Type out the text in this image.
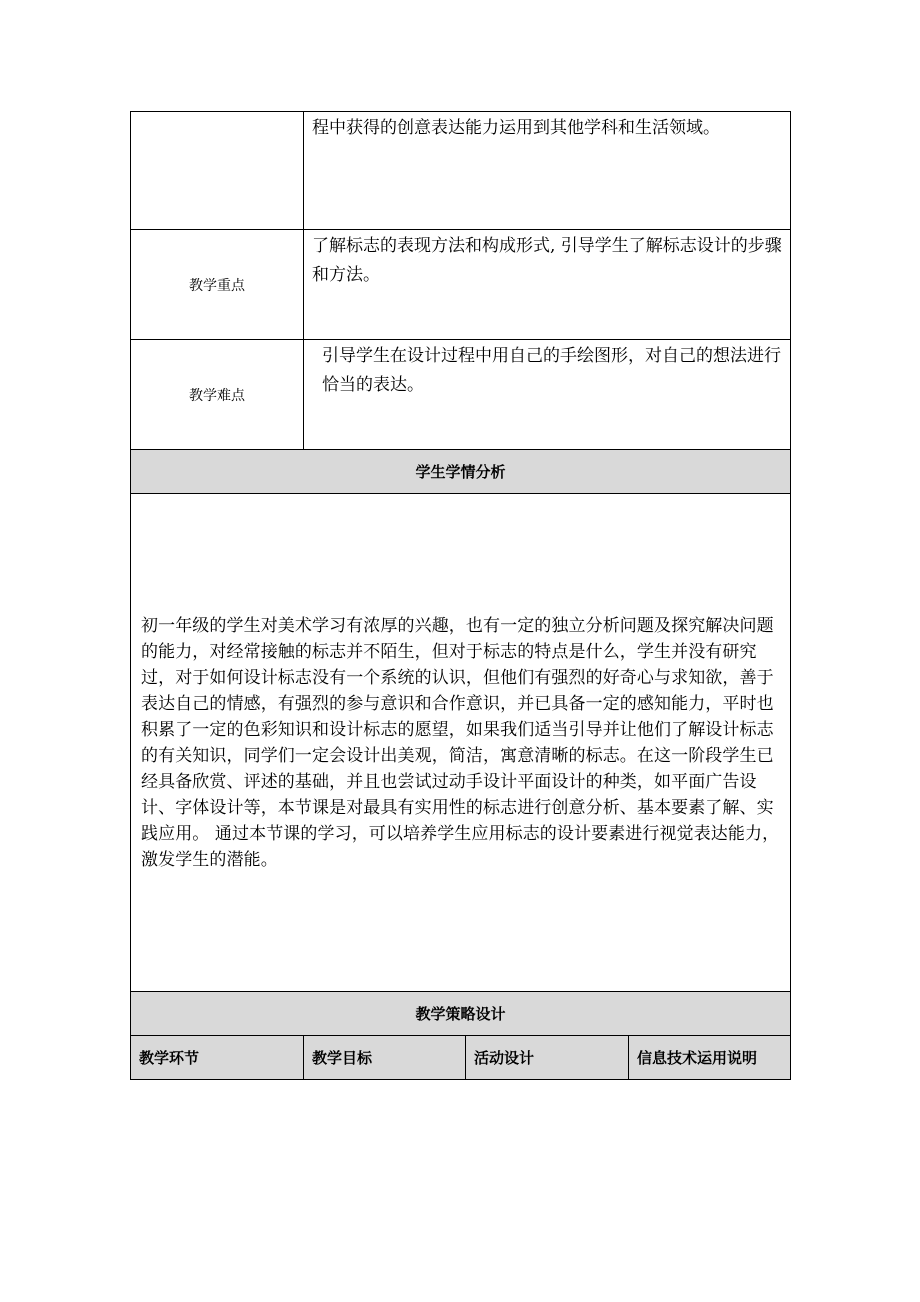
	程中获得的创意表达能力运用到其他学科和生活领域。		
教学重点	了解标志的表现方法和构成形式, 引导学生了解标志设计的步骤和方法。		
教学难点	引导学生在设计过程中用自己的手绘图形，对自己的想法进行恰当的表达。		
学生学情分析			

初一年级的学生对美术学习有浓厚的兴趣，也有一定的独立分析问题及探究解决问题的能力，对经常接触的标志并不陌生，但对于标志的特点是什么，学生并没有研究过，对于如何设计标志没有一个系统的认识，但他们有强烈的好奇心与求知欲，善于表达自己的情感，有强烈的参与意识和合作意识，并已具备一定的感知能力，平时也积累了一定的色彩知识和设计标志的愿望，如果我们适当引导并让他们了解设计标志的有关知识，同学们一定会设计出美观，简洁，寓意清晰的标志。在这一阶段学生已经具备欣赏、评述的基础，并且也尝试过动手设计平面设计的种类，如平面广告设计、字体设计等，本节课是对最具有实用性的标志进行创意分析、基本要素了解、实践应用。 通过本节课的学习，可以培养学生应用标志的设计要素进行视觉表达能力，激发学生的潜能。			

教学策略设计			
教学环节	教学目标	活动设计	信息技术运用说明
